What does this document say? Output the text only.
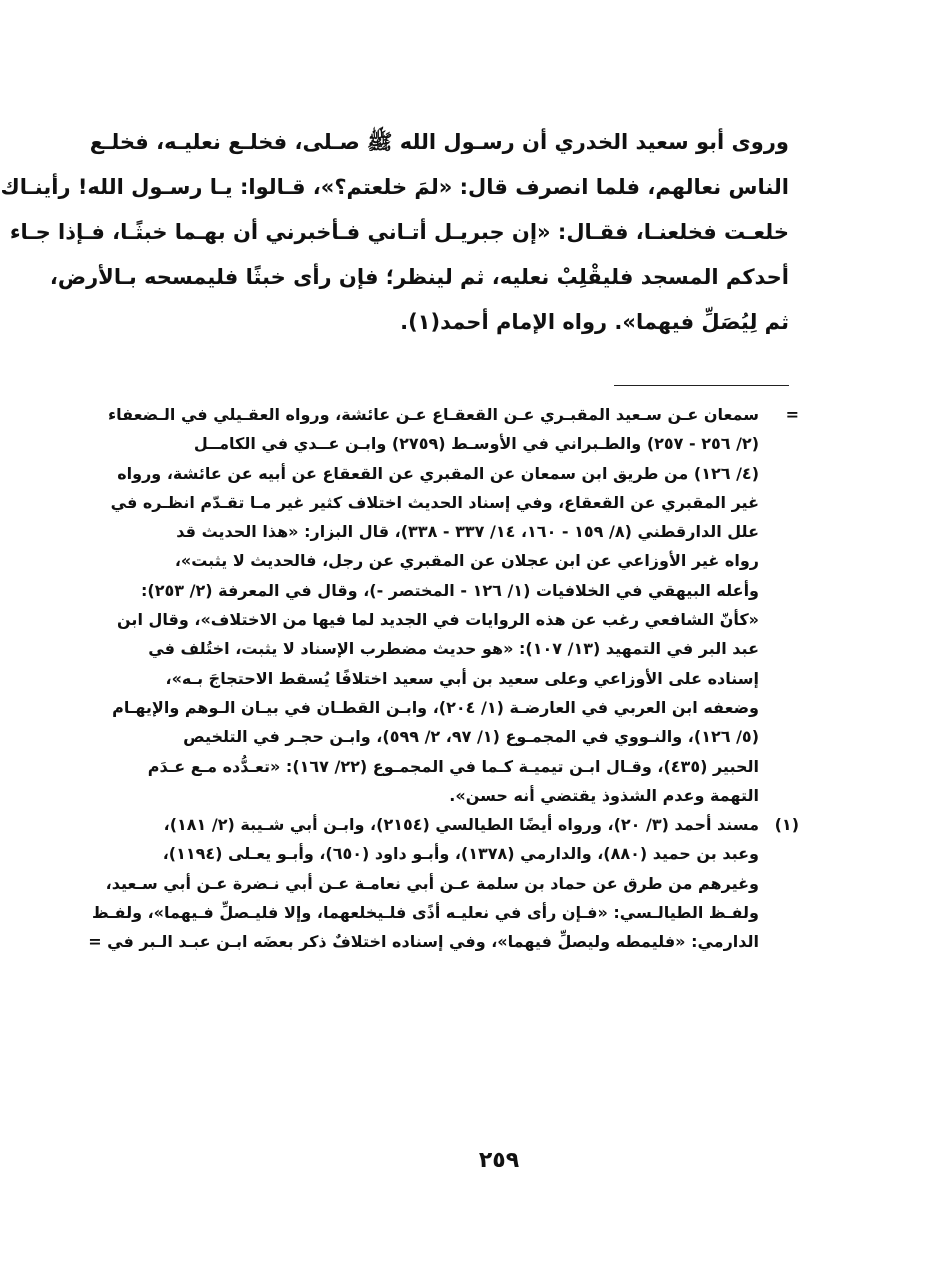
وروى أبو سعيد الخدري أن رسـول الله ﷺ صـلى، فخلـع نعليـه، فخلـع
الناس نعالهم، فلما انصرف قال: «لمَ خلعتم؟»، قـالوا: يـا رسـول الله! رأينـاك
خلعـت فخلعنـا، فقـال: «إن جبريـل أتـاني فـأخبرني أن بهـما خبثًـا، فـإذا جـاء
أحدكم المسجد فليقْلِبْ نعليه، ثم لينظر؛ فإن رأى خبثًا فليمسحه بـالأرض،
ثم لِيُصَلِّ فيهما». رواه الإمام أحمد(١).
=
سمعان عـن سـعيد المقبـري عـن القعقـاع عـن عائشة، ورواه العقـيلي في الـضعفاء
(٢/ ٢٥٦ - ٢٥٧) والطـبراني في الأوسـط (٢٧٥٩) وابـن عــدي في الكامــل
(٤/ ١٢٦) من طريق ابن سمعان عن المقبري عن القعقاع عن أبيه عن عائشة، ورواه
غير المقبري عن القعقاع، وفي إسناد الحديث اختلاف كثير غير مـا تقـدّم انظـره في
علل الدارقطني (٨/ ١٥٩ - ١٦٠، ١٤/ ٣٣٧ - ٣٣٨)، قال البزار: «هذا الحديث قد
رواه غير الأوزاعي عن ابن عجلان عن المقبري عن رجل، فالحديث لا يثبت»،
وأعله البيهقي في الخلافيات (١/ ١٢٦ - المختصر -)، وقال في المعرفة (٢/ ٢٥٣):
«كأنّ الشافعي رغب عن هذه الروايات في الجديد لما فيها من الاختلاف»، وقال ابن
عبد البر في التمهيد (١٣/ ١٠٧): «هو حديث مضطرب الإسناد لا يثبت، اختُلف في
إسناده على الأوزاعي وعلى سعيد بن أبي سعيد اختلافًا يُسقط الاحتجاجَ بـه»،
وضعفه ابن العربي في العارضـة (١/ ٢٠٤)، وابـن القطـان في بيـان الـوهم والإيهـام
(٥/ ١٢٦)، والنـووي في المجمـوع (١/ ٩٧، ٢/ ٥٩٩)، وابـن حجـر في التلخيص
الحبير (٤٣٥)، وقـال ابـن تيميـة كـما في المجمـوع (٢٢/ ١٦٧): «تعـدُّده مـع عـدَم
التهمة وعدم الشذوذ يقتضي أنه حسن».
(١)
مسند أحمد (٣/ ٢٠)، ورواه أيضًا الطيالسي (٢١٥٤)، وابـن أبي شـيبة (٢/ ١٨١)،
وعبد بن حميد (٨٨٠)، والدارمي (١٣٧٨)، وأبـو داود (٦٥٠)، وأبـو يعـلى (١١٩٤)،
وغيرهم من طرق عن حماد بن سلمة عـن أبي نعامـة عـن أبي نـضرة عـن أبي سـعيد،
ولفـظ الطيالـسي: «فـإن رأى في نعليـه أذًى فلـيخلعهما، وإلا فليـصلِّ فـيهما»، ولفـظ
الدارمي: «فليمطه وليصلِّ فيهما»، وفي إسناده اختلافٌ ذكر بعضَه ابـن عبـد الـبر في =
٢٥٩
